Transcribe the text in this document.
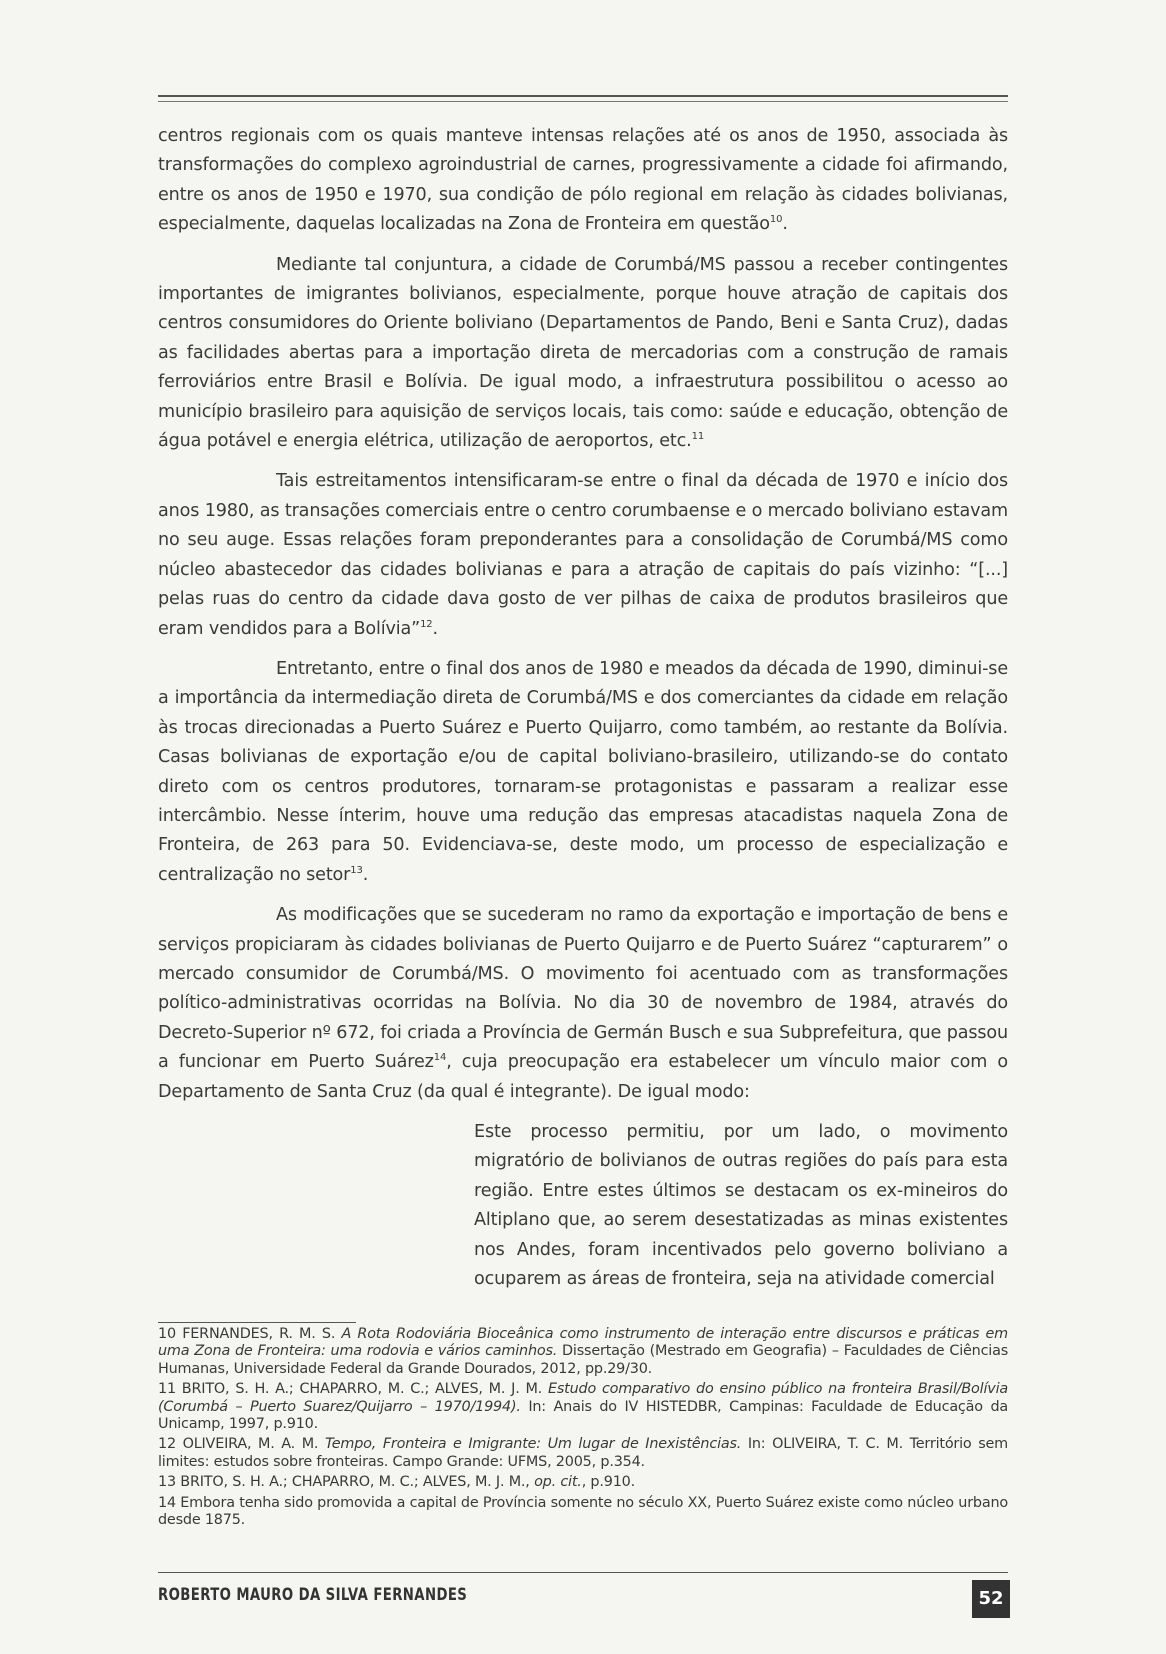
centros regionais com os quais manteve intensas relações até os anos de 1950, associada às transformações do complexo agroindustrial de carnes, progressivamente a cidade foi afirmando, entre os anos de 1950 e 1970, sua condição de pólo regional em relação às cidades bolivianas, especialmente, daquelas localizadas na Zona de Fronteira em questão$^{10}$.

Mediante tal conjuntura, a cidade de Corumbá/MS passou a receber contingentes importantes de imigrantes bolivianos, especialmente, porque houve atração de capitais dos centros consumidores do Oriente boliviano (Departamentos de Pando, Beni e Santa Cruz), dadas as facilidades abertas para a importação direta de mercadorias com a construção de ramais ferroviários entre Brasil e Bolívia. De igual modo, a infraestrutura possibilitou o acesso ao município brasileiro para aquisição de serviços locais, tais como: saúde e educação, obtenção de água potável e energia elétrica, utilização de aeroportos, etc.$^{11}$

Tais estreitamentos intensificaram-se entre o final da década de 1970 e início dos anos 1980, as transações comerciais entre o centro corumbaense e o mercado boliviano estavam no seu auge. Essas relações foram preponderantes para a consolidação de Corumbá/MS como núcleo abastecedor das cidades bolivianas e para a atração de capitais do país vizinho: “[...] pelas ruas do centro da cidade dava gosto de ver pilhas de caixa de produtos brasileiros que eram vendidos para a Bolívia”$^{12}$.

Entretanto, entre o final dos anos de 1980 e meados da década de 1990, diminui-se a importância da intermediação direta de Corumbá/MS e dos comerciantes da cidade em relação às trocas direcionadas a Puerto Suárez e Puerto Quijarro, como também, ao restante da Bolívia. Casas bolivianas de exportação e/ou de capital boliviano-brasileiro, utilizando-se do contato direto com os centros produtores, tornaram-se protagonistas e passaram a realizar esse intercâmbio. Nesse ínterim, houve uma redução das empresas atacadistas naquela Zona de Fronteira, de 263 para 50. Evidenciava-se, deste modo, um processo de especialização e centralização no setor$^{13}$.

As modificações que se sucederam no ramo da exportação e importação de bens e serviços propiciaram às cidades bolivianas de Puerto Quijarro e de Puerto Suárez “capturarem” o mercado consumidor de Corumbá/MS. O movimento foi acentuado com as transformações político-administrativas ocorridas na Bolívia. No dia 30 de novembro de 1984, através do Decreto-Superior nº 672, foi criada a Província de Germán Busch e sua Subprefeitura, que passou a funcionar em Puerto Suárez$^{14}$, cuja preocupação era estabelecer um vínculo maior com o Departamento de Santa Cruz (da qual é integrante). De igual modo:

Este processo permitiu, por um lado, o movimento migratório de bolivianos de outras regiões do país para esta região. Entre estes últimos se destacam os ex-mineiros do Altiplano que, ao serem desestatizadas as minas existentes nos Andes, foram incentivados pelo governo boliviano a ocuparem as áreas de fronteira, seja na atividade comercial

10 FERNANDES, R. M. S. A Rota Rodoviária Bioceânica como instrumento de interação entre discursos e práticas em uma Zona de Fronteira: uma rodovia e vários caminhos. Dissertação (Mestrado em Geografia) – Faculdades de Ciências Humanas, Universidade Federal da Grande Dourados, 2012, pp.29/30.

11 BRITO, S. H. A.; CHAPARRO, M. C.; ALVES, M. J. M. Estudo comparativo do ensino público na fronteira Brasil/Bolívia (Corumbá – Puerto Suarez/Quijarro – 1970/1994). In: Anais do IV HISTEDBR, Campinas: Faculdade de Educação da Unicamp, 1997, p.910.

12 OLIVEIRA, M. A. M. Tempo, Fronteira e Imigrante: Um lugar de Inexistências. In: OLIVEIRA, T. C. M. Território sem limites: estudos sobre fronteiras. Campo Grande: UFMS, 2005, p.354.

13 BRITO, S. H. A.; CHAPARRO, M. C.; ALVES, M. J. M., op. cit., p.910.

14 Embora tenha sido promovida a capital de Província somente no século XX, Puerto Suárez existe como núcleo urbano desde 1875.

ROBERTO MAURO DA SILVA FERNANDES	52
